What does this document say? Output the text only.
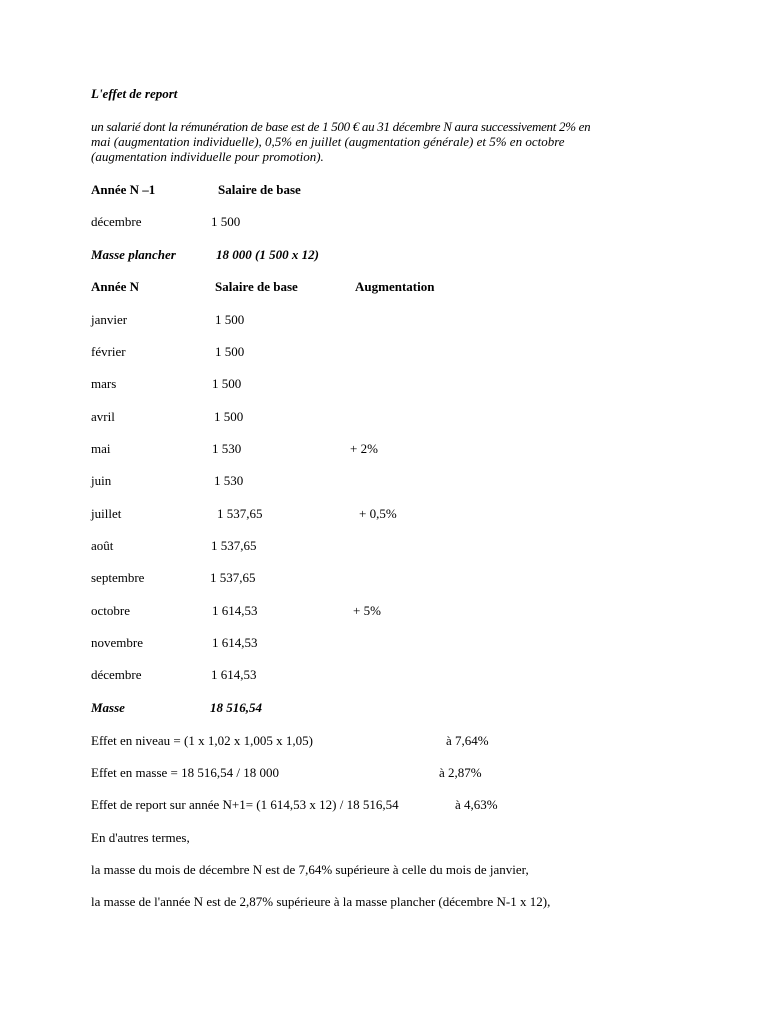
L'effet de report
un salarié dont la rémunération de base est de 1 500 € au 31 décembre N aura successivement 2% en
mai (augmentation individuelle), 0,5% en juillet (augmentation générale) et 5% en octobre
(augmentation individuelle pour promotion).
Année N –1	Salaire de base
décembre	1 500
Masse plancher	18 000 (1 500 x 12)
Année N	Salaire de base	Augmentation
janvier	1 500
février	1 500
mars	1 500
avril	1 500
mai	1 530	+ 2%
juin	1 530
juillet	1 537,65	+ 0,5%
août	1 537,65
septembre	1 537,65
octobre	1 614,53	+ 5%
novembre	1 614,53
décembre	1 614,53
Masse	18 516,54
Effet en niveau = (1 x 1,02 x 1,005 x 1,05)	à 7,64%
Effet en masse = 18 516,54 / 18 000	à 2,87%
Effet de report sur année N+1= (1 614,53 x 12) / 18 516,54	à 4,63%
En d'autres termes,
la masse du mois de décembre N est de 7,64% supérieure à celle du mois de janvier,
la masse de l'année N est de 2,87% supérieure à la masse plancher (décembre N-1 x 12),
